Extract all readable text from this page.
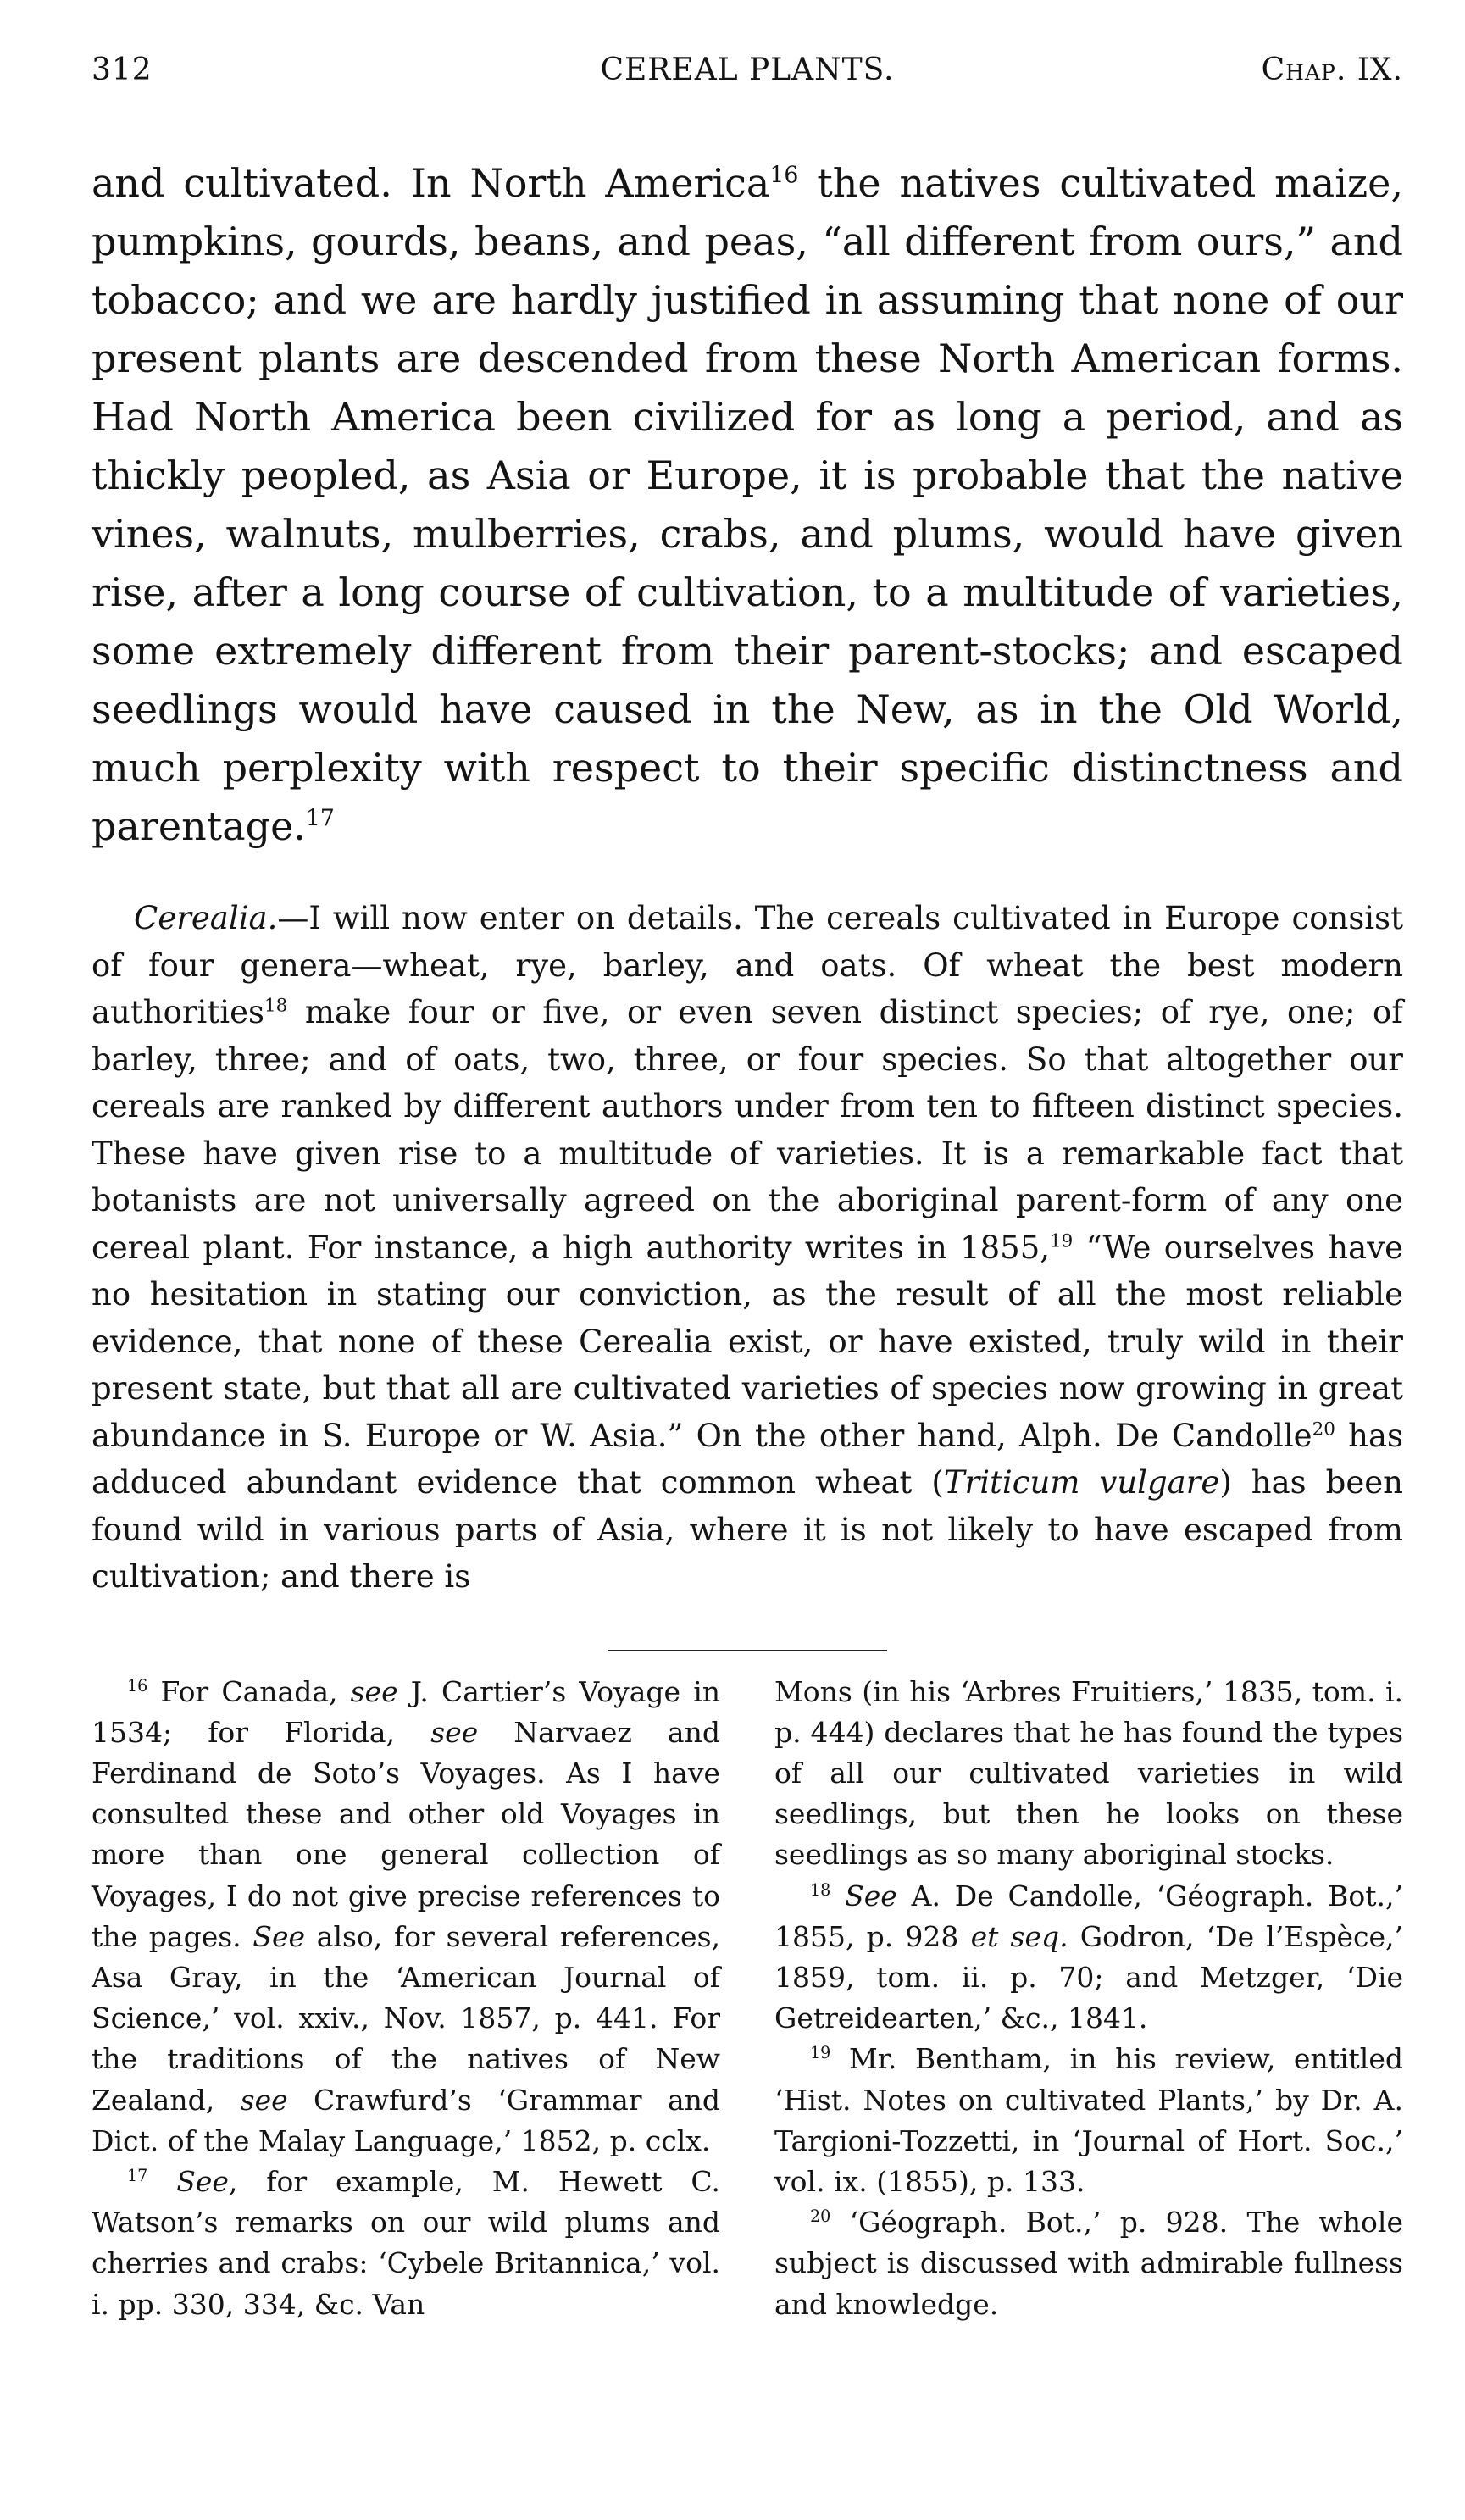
312	CEREAL PLANTS.	Chap. IX.

and cultivated. In North America$^{16}$ the natives cultivated maize, pumpkins, gourds, beans, and peas, “all different from ours,” and tobacco; and we are hardly justified in assuming that none of our present plants are descended from these North American forms. Had North America been civilized for as long a period, and as thickly peopled, as Asia or Europe, it is probable that the native vines, walnuts, mulberries, crabs, and plums, would have given rise, after a long course of cultivation, to a multitude of varieties, some extremely different from their parent-stocks; and escaped seedlings would have caused in the New, as in the Old World, much perplexity with respect to their specific distinctness and parentage.$^{17}$

Cerealia.—I will now enter on details. The cereals cultivated in Europe consist of four genera—wheat, rye, barley, and oats. Of wheat the best modern authorities$^{18}$ make four or five, or even seven distinct species; of rye, one; of barley, three; and of oats, two, three, or four species. So that altogether our cereals are ranked by different authors under from ten to fifteen distinct species. These have given rise to a multitude of varieties. It is a remarkable fact that botanists are not universally agreed on the aboriginal parent-form of any one cereal plant. For instance, a high authority writes in 1855,19 “We ourselves have no hesitation in stating our conviction, as the result of all the most reliable evidence, that none of these Cerealia exist, or have existed, truly wild in their present state, but that all are cultivated varieties of species now growing in great abundance in S. Europe or W. Asia.” On the other hand, Alph. De Candolle$^{20}$ has adduced abundant evidence that common wheat (Triticum vulgare) has been found wild in various parts of Asia, where it is not likely to have escaped from cultivation; and there is

$^{16}$ For Canada, see J. Cartier’s Voyage in 1534; for Florida, see Narvaez and Ferdinand de Soto’s Voyages. As I have consulted these and other old Voyages in more than one general collection of Voyages, I do not give precise references to the pages. See also, for several references, Asa Gray, in the ‘American Journal of Science,’ vol. xxiv., Nov. 1857, p. 441. For the traditions of the natives of New Zealand, see Crawfurd’s ‘Grammar and Dict. of the Malay Language,’ 1852, p. cclx.

$^{17}$ See, for example, M. Hewett C. Watson’s remarks on our wild plums and cherries and crabs: ‘Cybele Britannica,’ vol. i. pp. 330, 334, &c. Van

Mons (in his ‘Arbres Fruitiers,’ 1835, tom. i. p. 444) declares that he has found the types of all our cultivated varieties in wild seedlings, but then he looks on these seedlings as so many aboriginal stocks.

$^{18}$ See A. De Candolle, ‘Géograph. Bot.,’ 1855, p. 928 et seq. Godron, ‘De l’Espèce,’ 1859, tom. ii. p. 70; and Metzger, ‘Die Getreidearten,’ &c., 1841.

$^{19}$ Mr. Bentham, in his review, entitled ‘Hist. Notes on cultivated Plants,’ by Dr. A. Targioni-Tozzetti, in ‘Journal of Hort. Soc.,’ vol. ix. (1855), p. 133.

$^{20}$ ‘Géograph. Bot.,’ p. 928. The whole subject is discussed with admirable fullness and knowledge.
